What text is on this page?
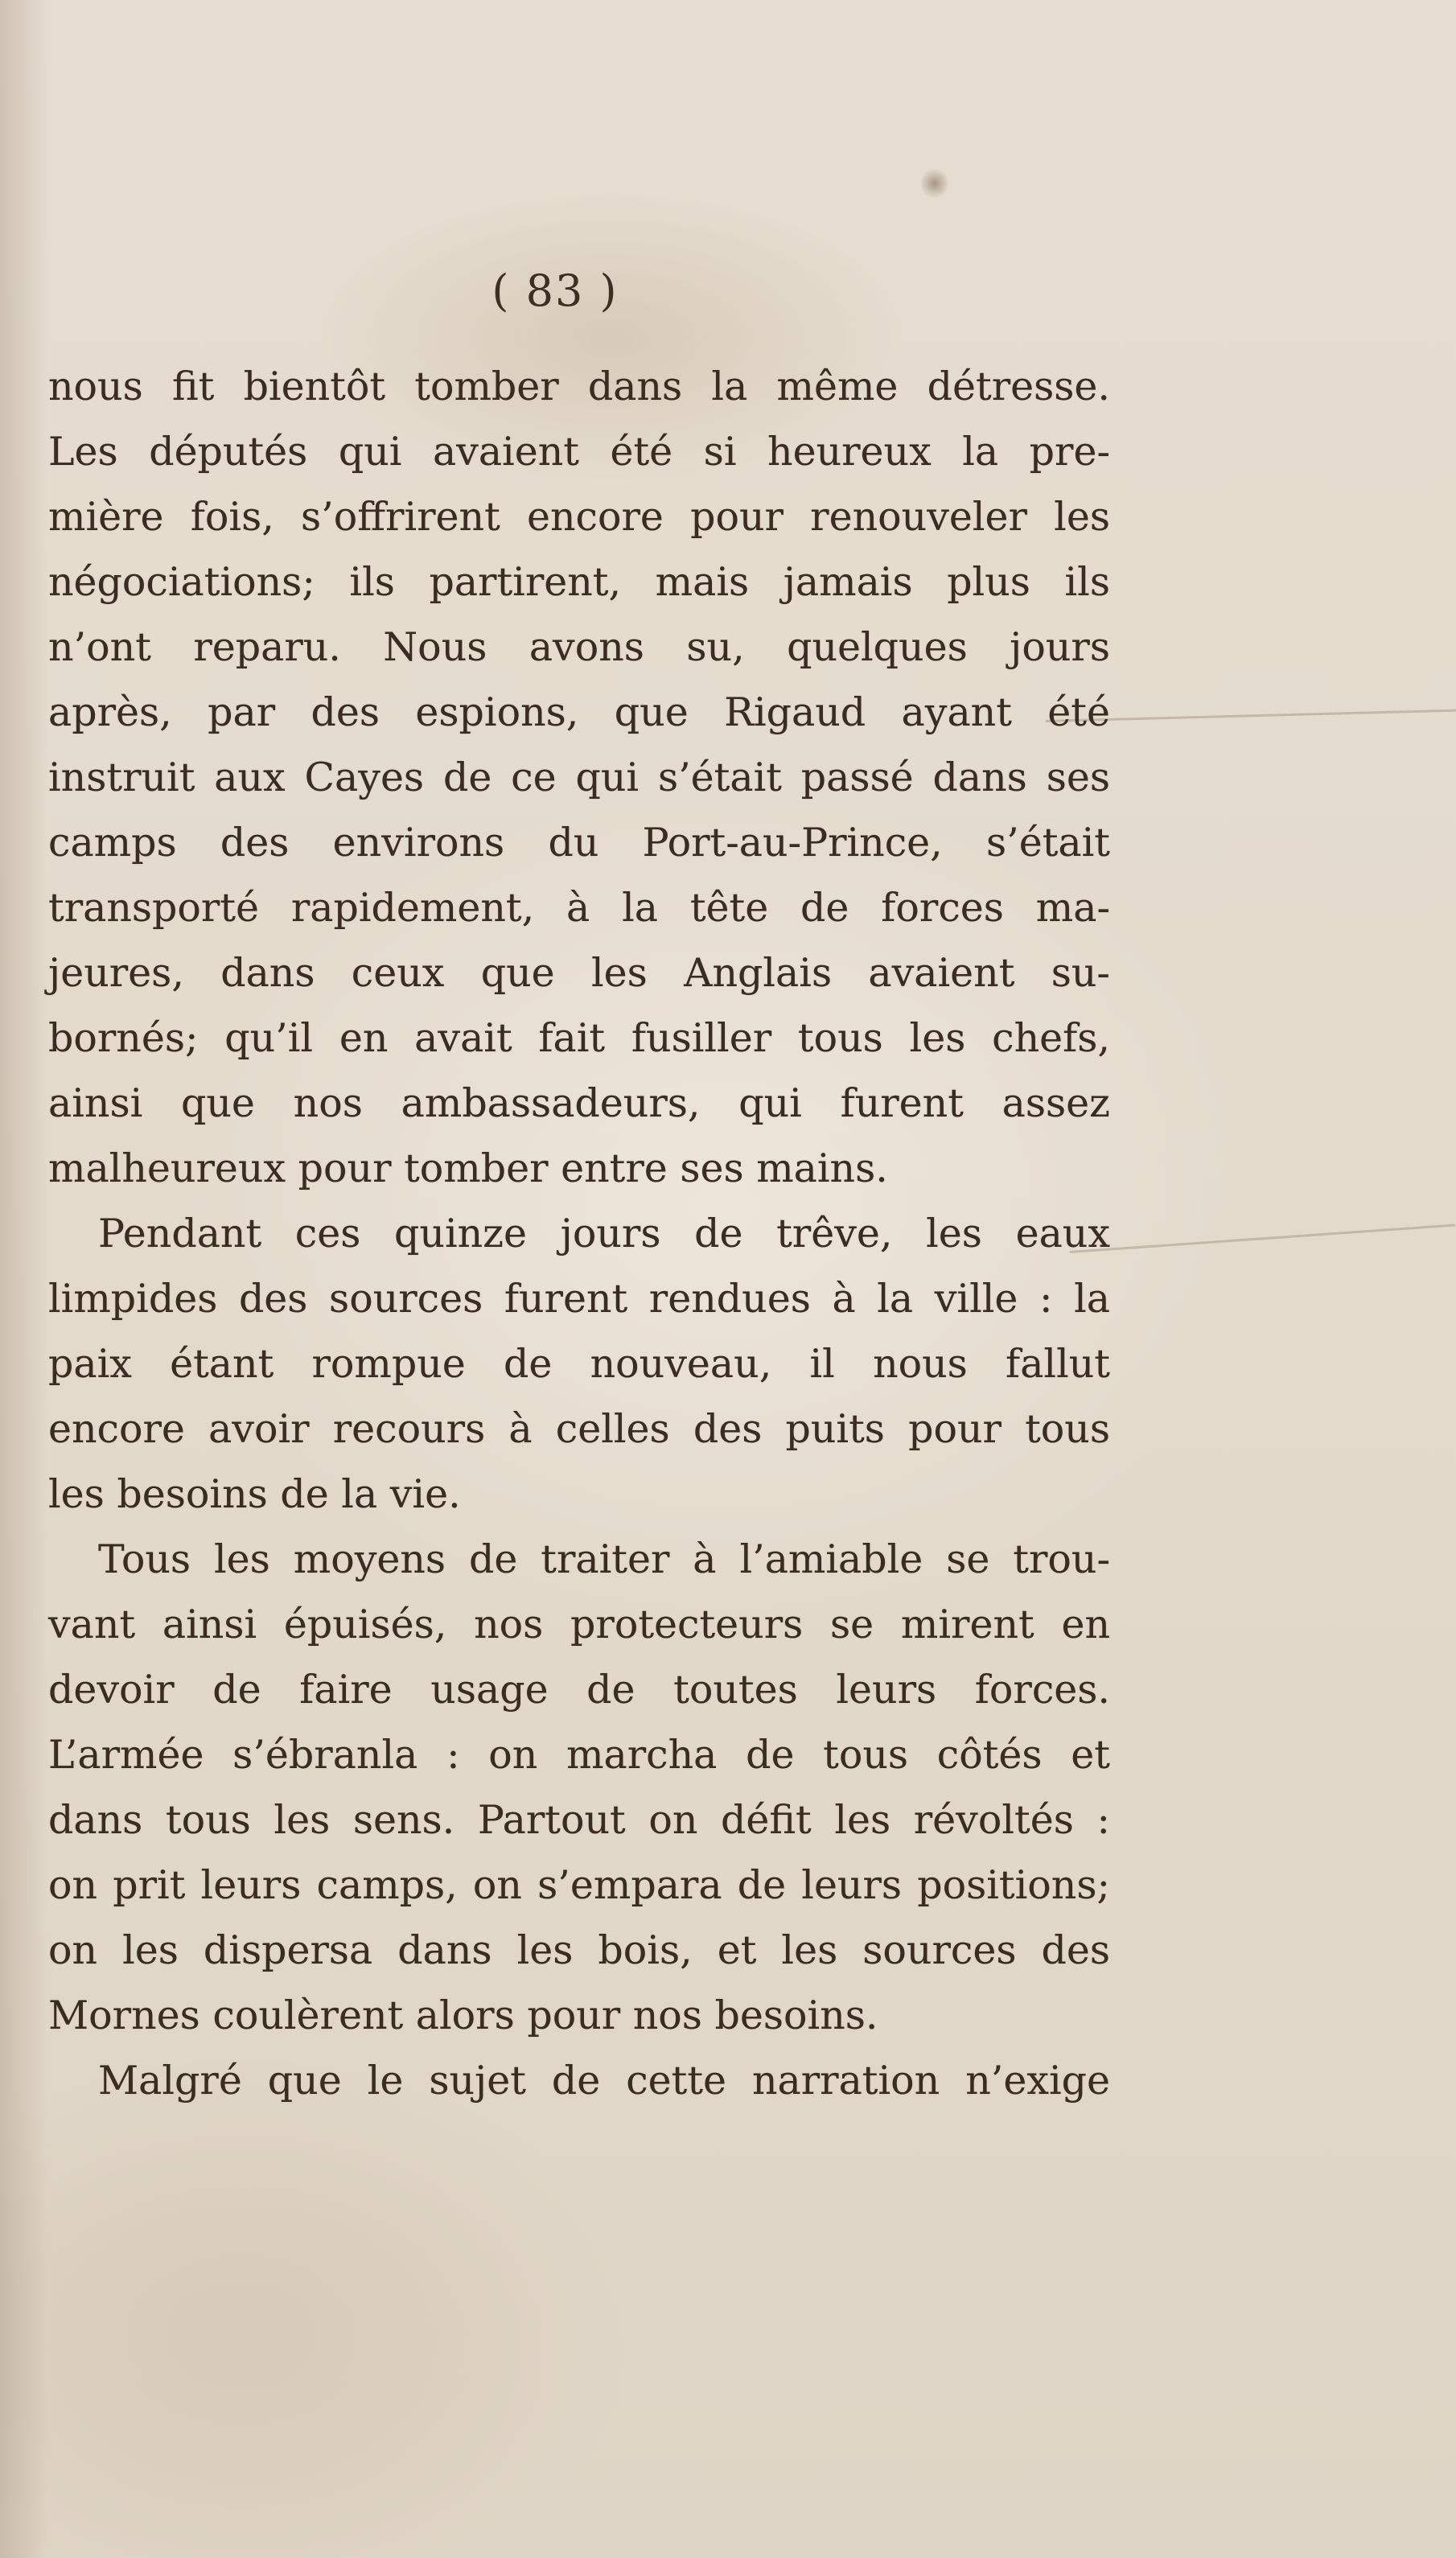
( 83 )
nous fit bientôt tomber dans la même détresse.
Les députés qui avaient été si heureux la pre-
mière fois, s’offrirent encore pour renouveler les
négociations; ils partirent, mais jamais plus ils
n’ont reparu. Nous avons su, quelques jours
après, par des espions, que Rigaud ayant été
instruit aux Cayes de ce qui s’était passé dans ses
camps des environs du Port-au-Prince, s’était
transporté rapidement, à la tête de forces ma-
jeures, dans ceux que les Anglais avaient su-
bornés; qu’il en avait fait fusiller tous les chefs,
ainsi que nos ambassadeurs, qui furent assez
malheureux pour tomber entre ses mains.
Pendant ces quinze jours de trêve, les eaux
limpides des sources furent rendues à la ville : la
paix étant rompue de nouveau, il nous fallut
encore avoir recours à celles des puits pour tous
les besoins de la vie.
Tous les moyens de traiter à l’amiable se trou-
vant ainsi épuisés, nos protecteurs se mirent en
devoir de faire usage de toutes leurs forces.
L’armée s’ébranla : on marcha de tous côtés et
dans tous les sens. Partout on défit les révoltés :
on prit leurs camps, on s’empara de leurs positions;
on les dispersa dans les bois, et les sources des
Mornes coulèrent alors pour nos besoins.
Malgré que le sujet de cette narration n’exige
